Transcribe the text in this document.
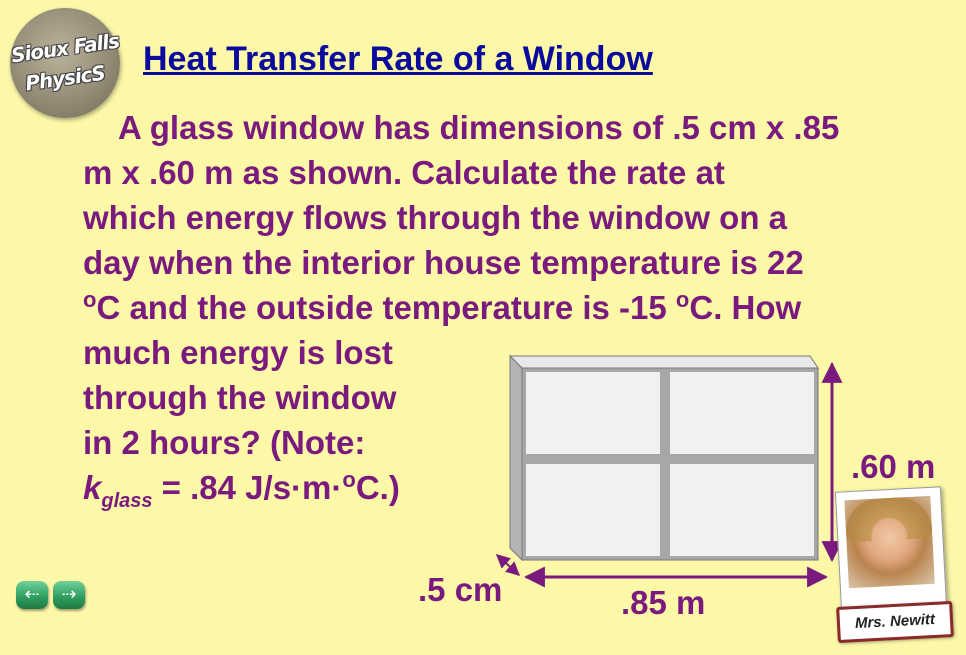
Sioux Falls
PhysicS
Heat Transfer Rate of a Window
A glass window has dimensions of .5 cm x .85
m x .60 m as shown. Calculate the rate at
which energy flows through the window on a
day when the interior house temperature is 22
$^o$C and the outside temperature is -15 $^o$C. How
much energy is lost
through the window
in 2 hours? (Note:
$k_{glass} = .84$ J/s·m·$^o$C.)
.60 m
.5 cm	.85 m
⇠	⇢
Mrs. Newitt
